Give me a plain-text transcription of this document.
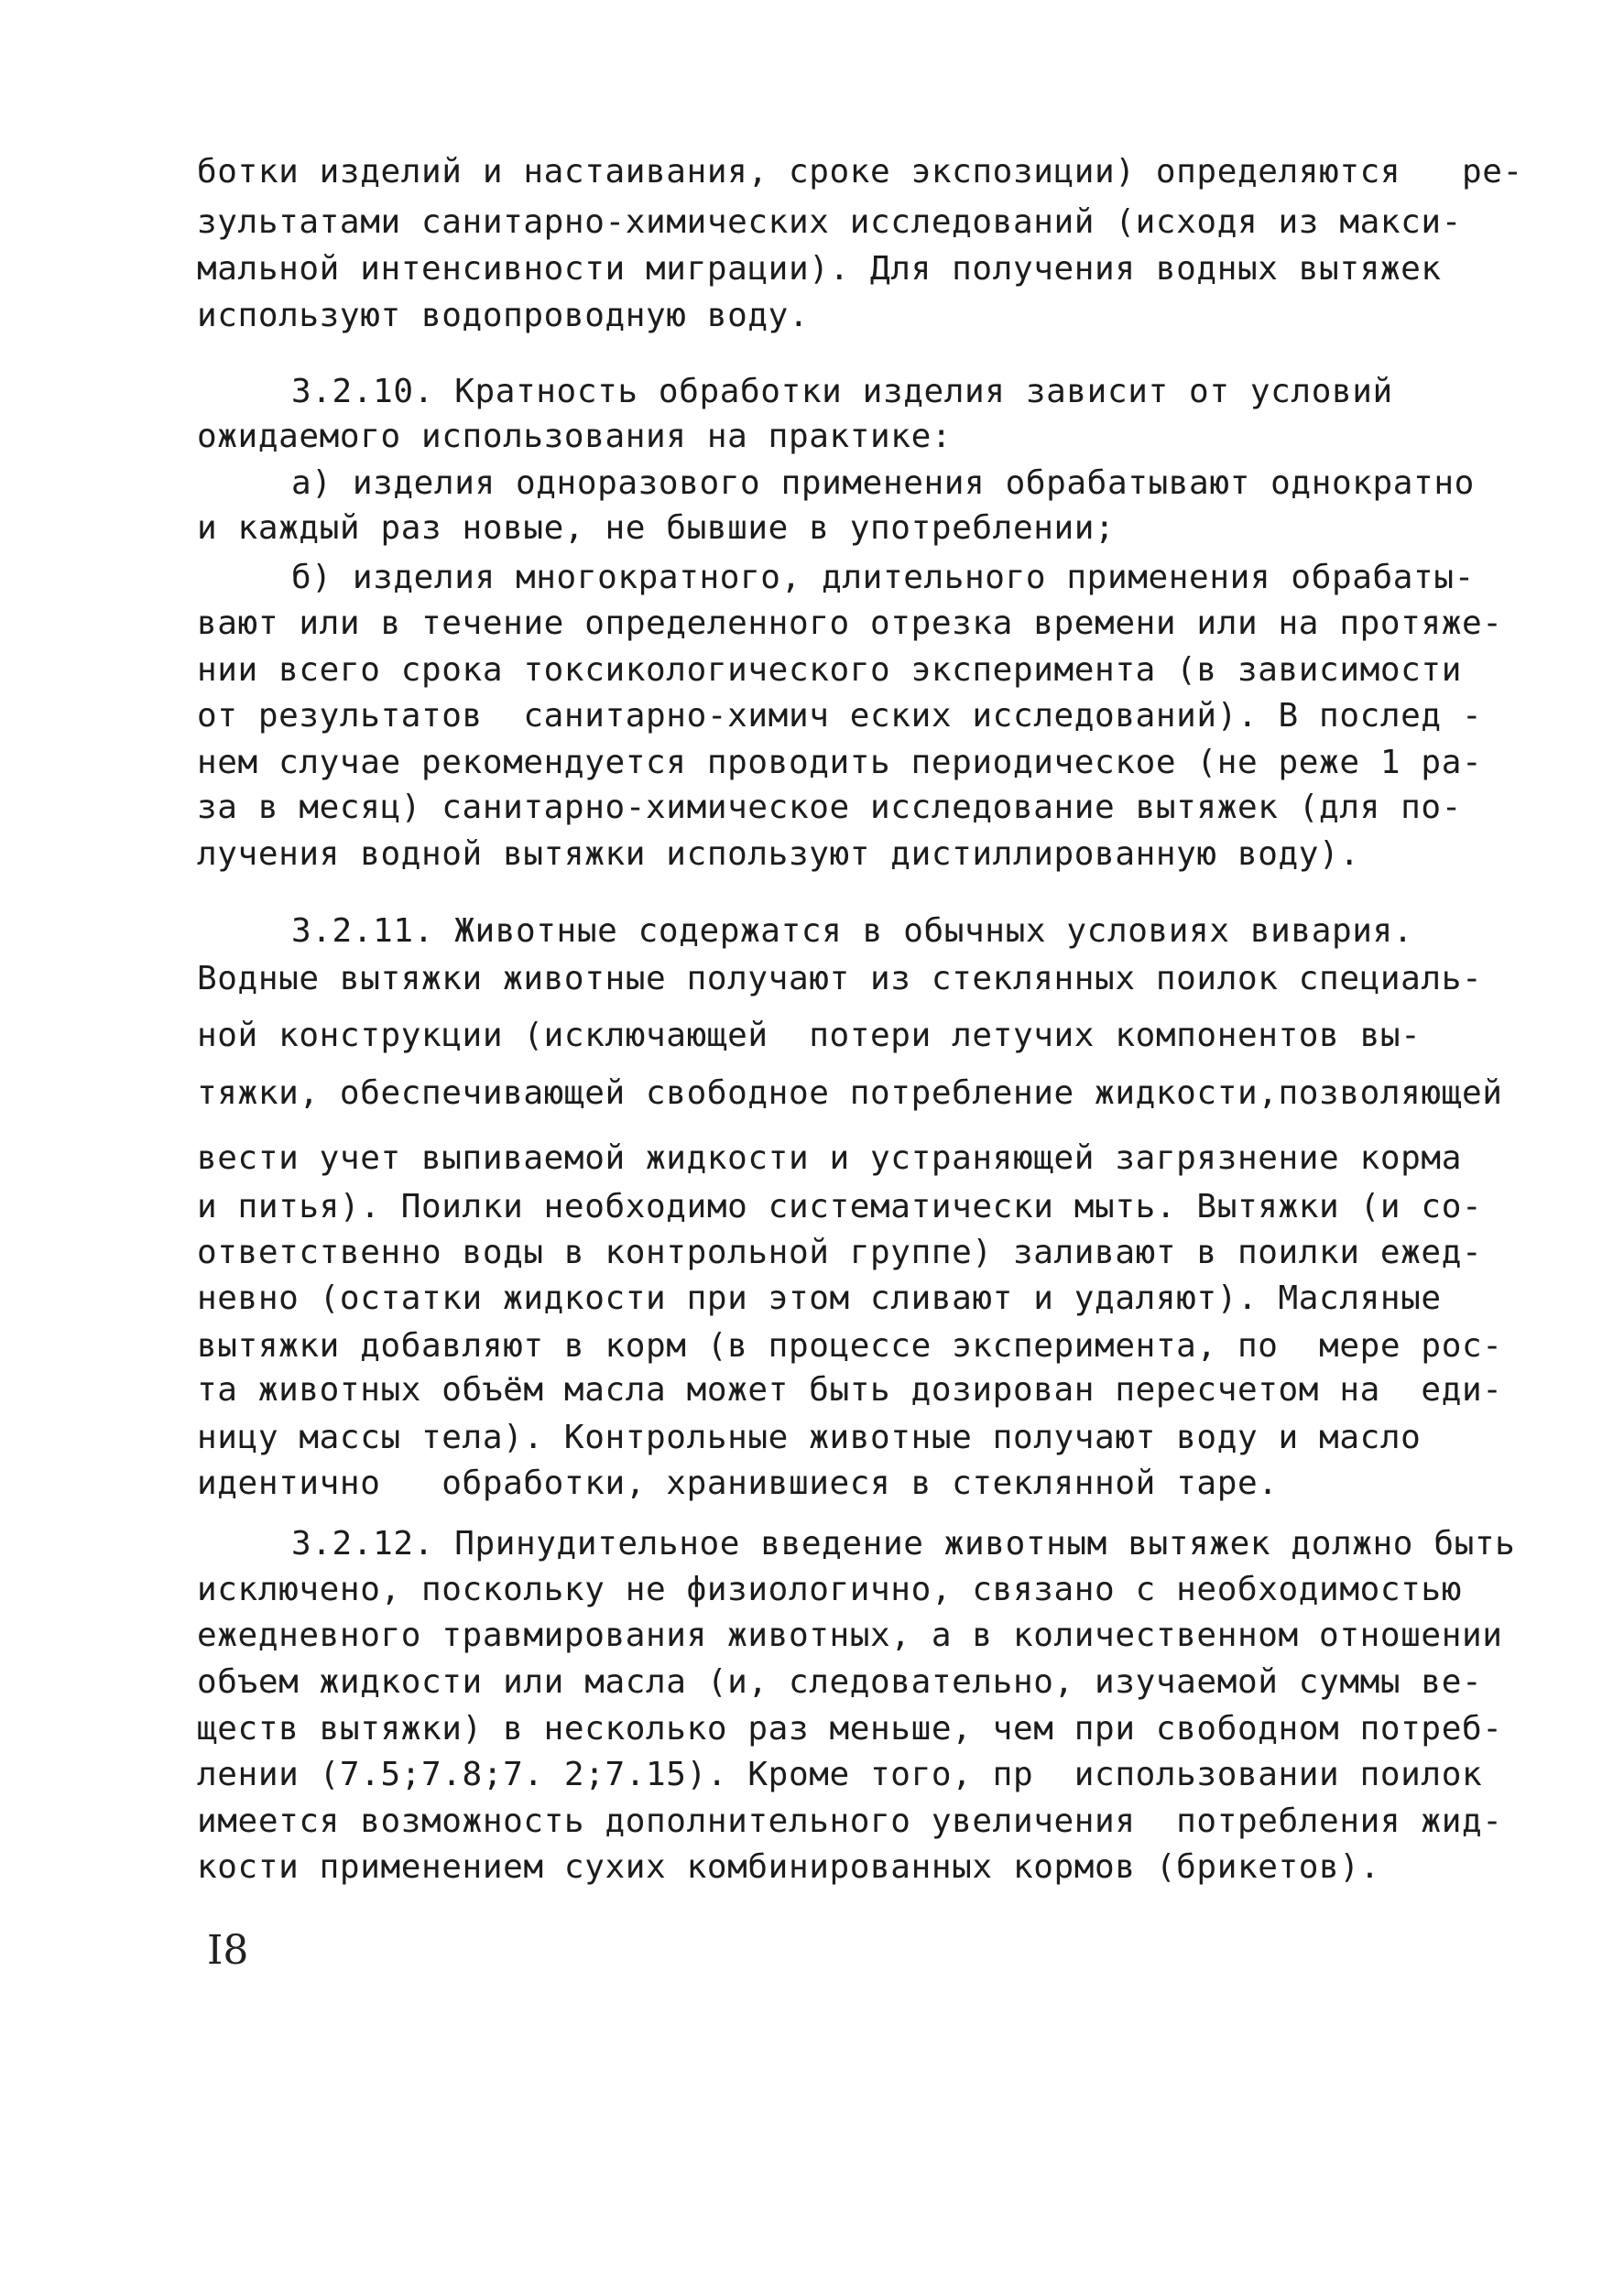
ботки изделий и настаивания, сроке экспозиции) определяются   ре-
зультатами санитарно-химических исследований (исходя из макси-
мальной интенсивности миграции). Для получения водных вытяжек
используют водопроводную воду.
3.2.10. Кратность обработки изделия зависит от условий
ожидаемого использования на практике:
а) изделия одноразового применения обрабатывают однократно
и каждый раз новые, не бывшие в употреблении;
б) изделия многократного, длительного применения обрабаты-
вают или в течение определенного отрезка времени или на протяже-
нии всего срока токсикологического эксперимента (в зависимости
от результатов  санитарно-химич еских исследований). В послед -
нем случае рекомендуется проводить периодическое (не реже 1 ра-
за в месяц) санитарно-химическое исследование вытяжек (для по-
лучения водной вытяжки используют дистиллированную воду).
3.2.11. Животные содержатся в обычных условиях вивария.
Водные вытяжки животные получают из стеклянных поилок специаль-
ной конструкции (исключающей  потери летучих компонентов вы-
тяжки, обеспечивающей свободное потребление жидкости,позволяющей
вести учет выпиваемой жидкости и устраняющей загрязнение корма
и питья). Поилки необходимо систематически мыть. Вытяжки (и со-
ответственно воды в контрольной группе) заливают в поилки ежед-
невно (остатки жидкости при этом сливают и удаляют). Масляные
вытяжки добавляют в корм (в процессе эксперимента, по  мере рос-
та животных объём масла может быть дозирован пересчетом на  еди-
ницу массы тела). Контрольные животные получают воду и масло
идентично   обработки, хранившиеся в стеклянной таре.
3.2.12. Принудительное введение животным вытяжек должно быть
исключено, поскольку не физиологично, связано с необходимостью
ежедневного травмирования животных, а в количественном отношении
объем жидкости или масла (и, следовательно, изучаемой суммы ве-
ществ вытяжки) в несколько раз меньше, чем при свободном потреб-
лении (7.5;7.8;7. 2;7.15). Кроме того, пр  использовании поилок
имеется возможность дополнительного увеличения  потребления жид-
кости применением сухих комбинированных кормов (брикетов).
I8
